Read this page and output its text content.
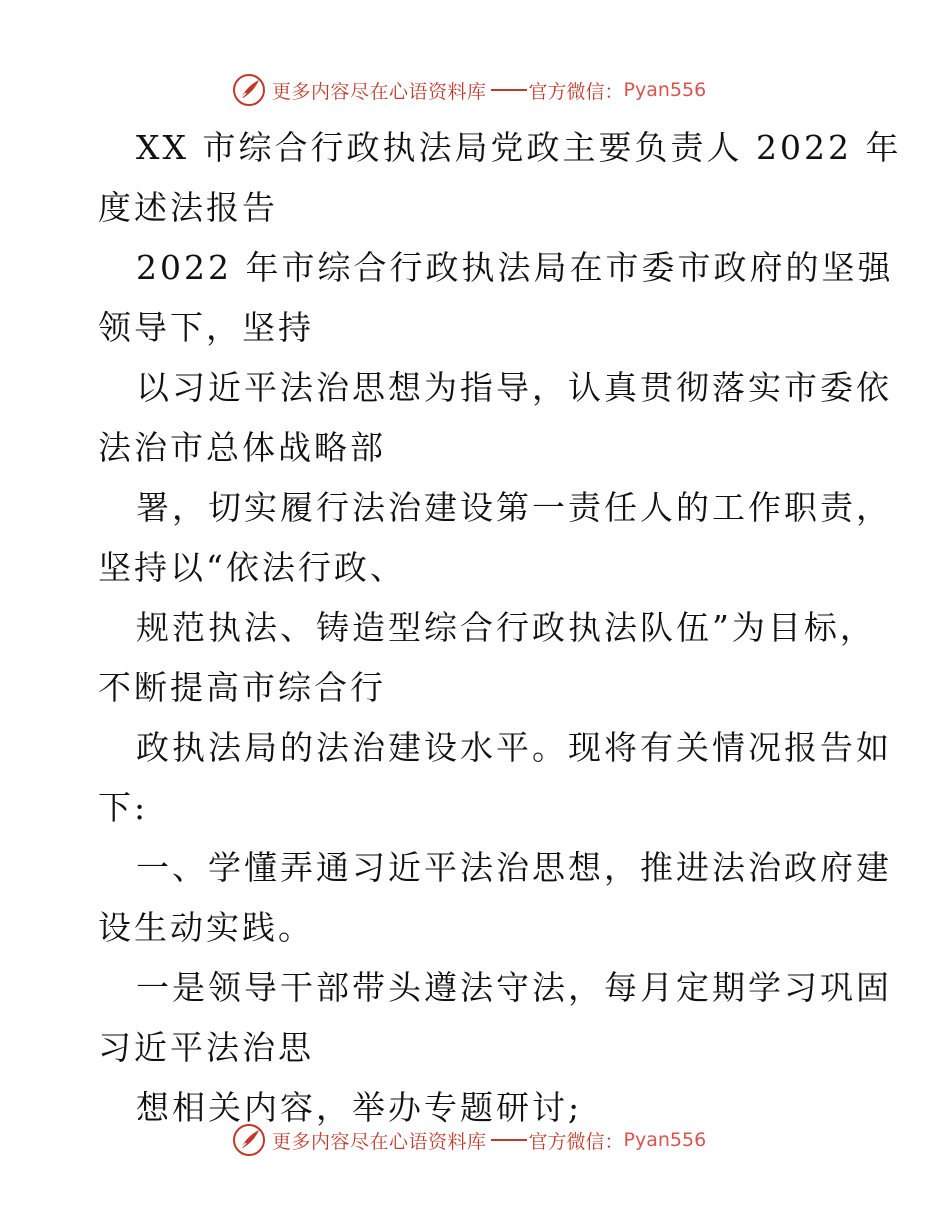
更多内容尽在心语资料库 官方微信： Pyan556
XX 市综合行政执法局党政主要负责人 2022 年
度述法报告
2022 年市综合行政执法局在市委市政府的坚强
领导下，坚持
以习近平法治思想为指导，认真贯彻落实市委依
法治市总体战略部
署，切实履行法治建设第一责任人的工作职责，
坚持以“依法行政、
规范执法、铸造型综合行政执法队伍”为目标，
不断提高市综合行
政执法局的法治建设水平。现将有关情况报告如
下:
一、学懂弄通习近平法治思想，推进法治政府建
设生动实践。
一是领导干部带头遵法守法，每月定期学习巩固
习近平法治思
想相关内容，举办专题研讨;
更多内容尽在心语资料库 官方微信： Pyan556
